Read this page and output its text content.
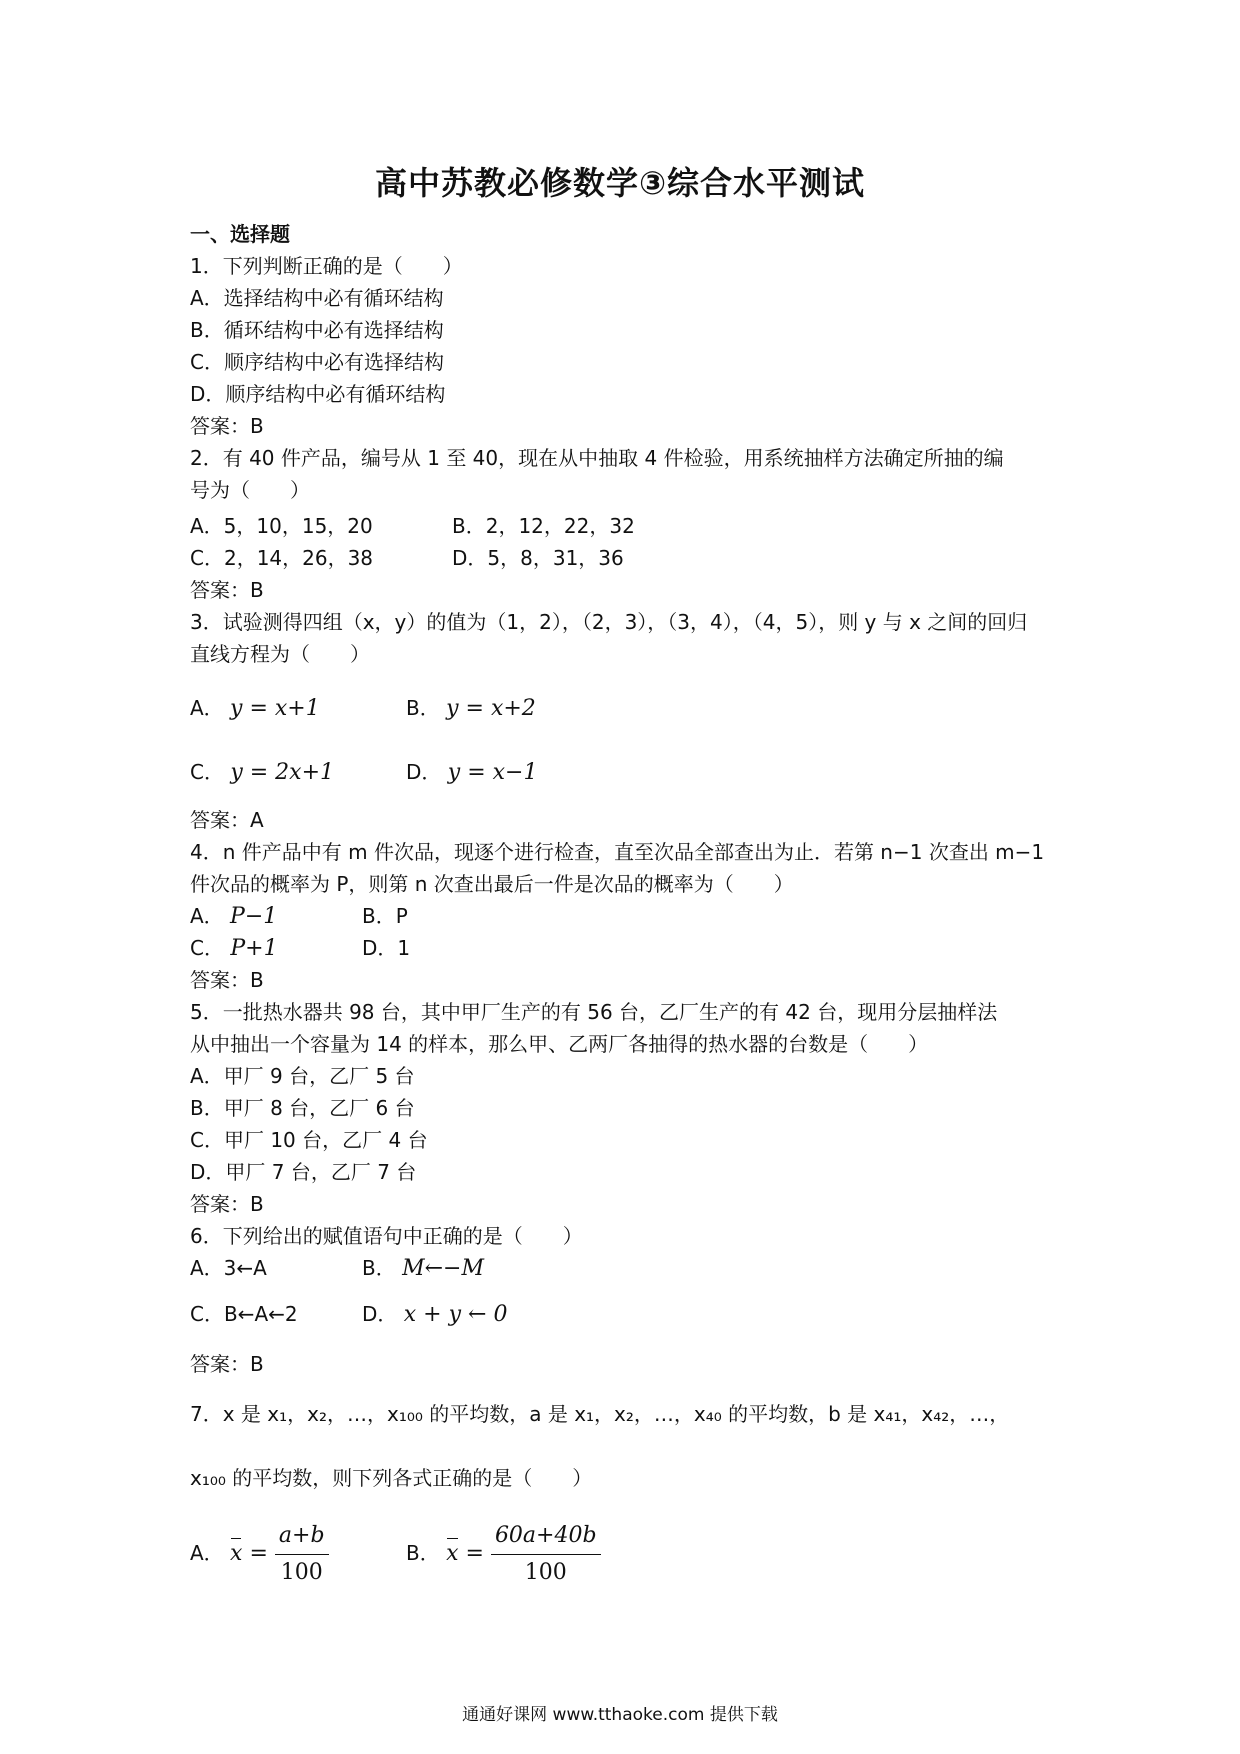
高中苏教必修数学③综合水平测试
一、选择题
1．下列判断正确的是（　　）
A．选择结构中必有循环结构
B．循环结构中必有选择结构
C．顺序结构中必有选择结构
D．顺序结构中必有循环结构
答案：B
2．有 40 件产品，编号从 1 至 40，现在从中抽取 4 件检验，用系统抽样方法确定所抽的编
号为（　　）
A．5，10，15，20	B．2，12，22，32
C．2，14，26，38	D．5，8，31，36
答案：B
3．试验测得四组（x，y）的值为（1，2），（2，3），（3，4），（4，5），则 y 与 x 之间的回归
直线方程为（　　）
A． y = x+1	B． y = x+2
C． y = 2x+1	D． y = x−1
答案：A
4．n 件产品中有 m 件次品，现逐个进行检查，直至次品全部查出为止．若第 n−1 次查出 m−1
件次品的概率为 P，则第 n 次查出最后一件是次品的概率为（　　）
A． P−1	B．P
C． P+1	D．1
答案：B
5．一批热水器共 98 台，其中甲厂生产的有 56 台，乙厂生产的有 42 台，现用分层抽样法
从中抽出一个容量为 14 的样本，那么甲、乙两厂各抽得的热水器的台数是（　　）
A．甲厂 9 台，乙厂 5 台
B．甲厂 8 台，乙厂 6 台
C．甲厂 10 台，乙厂 4 台
D．甲厂 7 台，乙厂 7 台
答案：B
6．下列给出的赋值语句中正确的是（　　）
A．3←A	B． M←−M
C．B←A←2	D． x + y ← 0
答案：B
7．x 是 x₁，x₂，…，x₁₀₀ 的平均数，a 是 x₁，x₂，…，x₄₀ 的平均数，b 是 x₄₁，x₄₂，…，
x₁₀₀ 的平均数，则下列各式正确的是（　　）
A． $x = \frac{a+b}{100}$	B． $x = \frac{60a+40b}{100}$
通通好课网 www.tthaoke.com 提供下载
